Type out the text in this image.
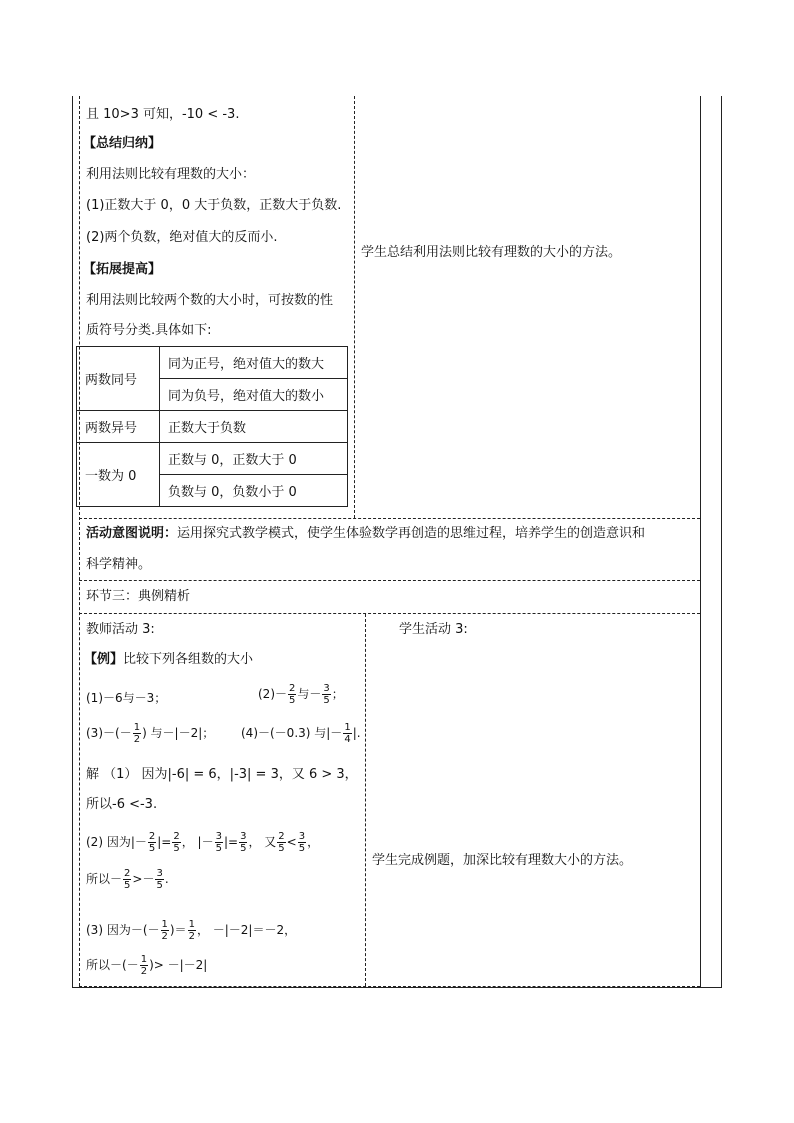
且 10>3 可知，-10 < -3.
【总结归纳】
利用法则比较有理数的大小：
(1)正数大于 0，0 大于负数，正数大于负数.
(2)两个负数，绝对值大的反而小.
【拓展提高】
利用法则比较两个数的大小时，可按数的性
质符号分类.具体如下:
两数同号	同为正号，绝对值大的数大
	同为负号，绝对值大的数小
两数异号	正数大于负数
一数为 0	正数与 0，正数大于 0
	负数与 0，负数小于 0
学生总结利用法则比较有理数的大小的方法。
活动意图说明：运用探究式教学模式，使学生体验数学再创造的思维过程，培养学生的创造意识和
科学精神。
环节三：典例精析
教师活动 3:
【例】比较下列各组数的大小
(1)－6与－3；	$(2)- \frac{2}{5}$ 与－ $\frac{3}{5}$ ；
$(3)-(- \frac{1}{2}$ ) 与－|－2|； (4)－(－0.3) 与|－ $\frac{1}{4}$ |.
解 （1） 因为|-6| = 6，|-3| = 3，又 6 > 3，
所以-6 <-3.
(2) 因为|－ $\frac{2}{5}$ |= $\frac{2}{5}$ ， |－ $\frac{3}{5}$ |= $\frac{3}{5}$ ， 又 $\frac{2}{5} < \frac{3}{5}$ ，
所以－ $\frac{2}{5} >- \frac{3}{5}$ .
(3) 因为－(－ $\frac{1}{2}$ )＝ $\frac{1}{2}$ ， －|－2|＝－2，
所以－(－ $\frac{1}{2}$ )> －|－2|
学生活动 3:
学生完成例题，加深比较有理数大小的方法。
